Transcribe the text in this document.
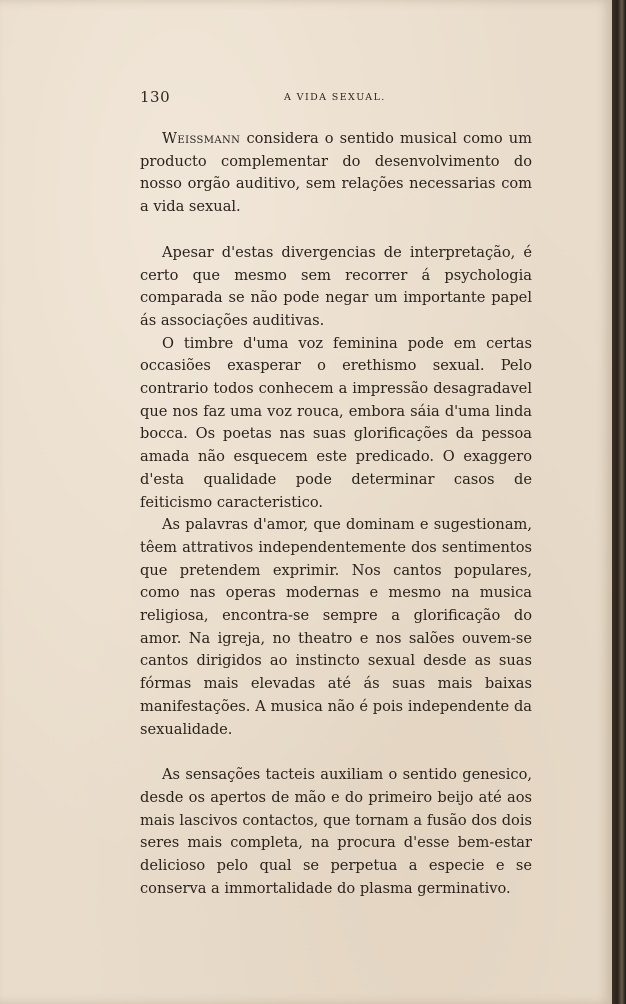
130	A VIDA SEXUAL.

Weissmann considera o sentido musical como um producto complementar do desenvolvimento do nosso orgão auditivo, sem relações necessarias com a vida sexual.

Apesar d'estas divergencias de interpretação, é certo que mesmo sem recorrer á psychologia comparada se não pode negar um importante papel ás associações auditivas.

O timbre d'uma voz feminina pode em certas occasiões exasperar o erethismo sexual. Pelo contrario todos conhecem a impressão desagradavel que nos faz uma voz rouca, embora sáia d'uma linda bocca. Os poetas nas suas glorificações da pessoa amada não esquecem este predicado. O exaggero d'esta qualidade pode determinar casos de feiticismo caracteristico.

As palavras d'amor, que dominam e sugestionam, têem attrativos independentemente dos sentimentos que pretendem exprimir. Nos cantos populares, como nas operas modernas e mesmo na musica religiosa, encontra-se sempre a glorificação do amor. Na igreja, no theatro e nos salões ouvem-se cantos dirigidos ao instincto sexual desde as suas fórmas mais elevadas até ás suas mais baixas manifestações. A musica não é pois independente da sexualidade.

As sensações tacteis auxiliam o sentido genesico, desde os apertos de mão e do primeiro beijo até aos mais lascivos contactos, que tornam a fusão dos dois seres mais completa, na procura d'esse bem-estar delicioso pelo qual se perpetua a especie e se conserva a immortalidade do plasma germinativo.
